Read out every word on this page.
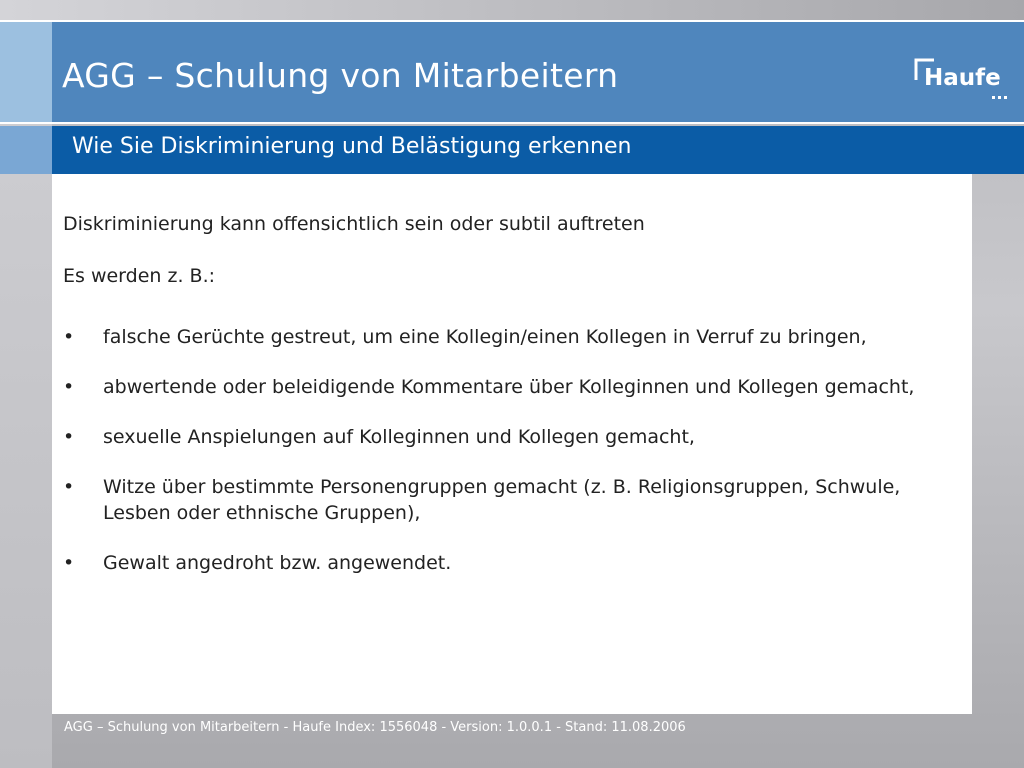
AGG – Schulung von Mitarbeitern	Haufe
Wie Sie Diskriminierung und Belästigung erkennen
Diskriminierung kann offensichtlich sein oder subtil auftreten
Es werden z. B.:
• falsche Gerüchte gestreut, um eine Kollegin/einen Kollegen in Verruf zu bringen,
• abwertende oder beleidigende Kommentare über Kolleginnen und Kollegen gemacht,
• sexuelle Anspielungen auf Kolleginnen und Kollegen gemacht,
• Witze über bestimmte Personengruppen gemacht (z. B. Religionsgruppen, Schwule, Lesben oder ethnische Gruppen),
• Gewalt angedroht bzw. angewendet.
AGG – Schulung von Mitarbeitern - Haufe Index: 1556048 - Version: 1.0.0.1 - Stand: 11.08.2006
